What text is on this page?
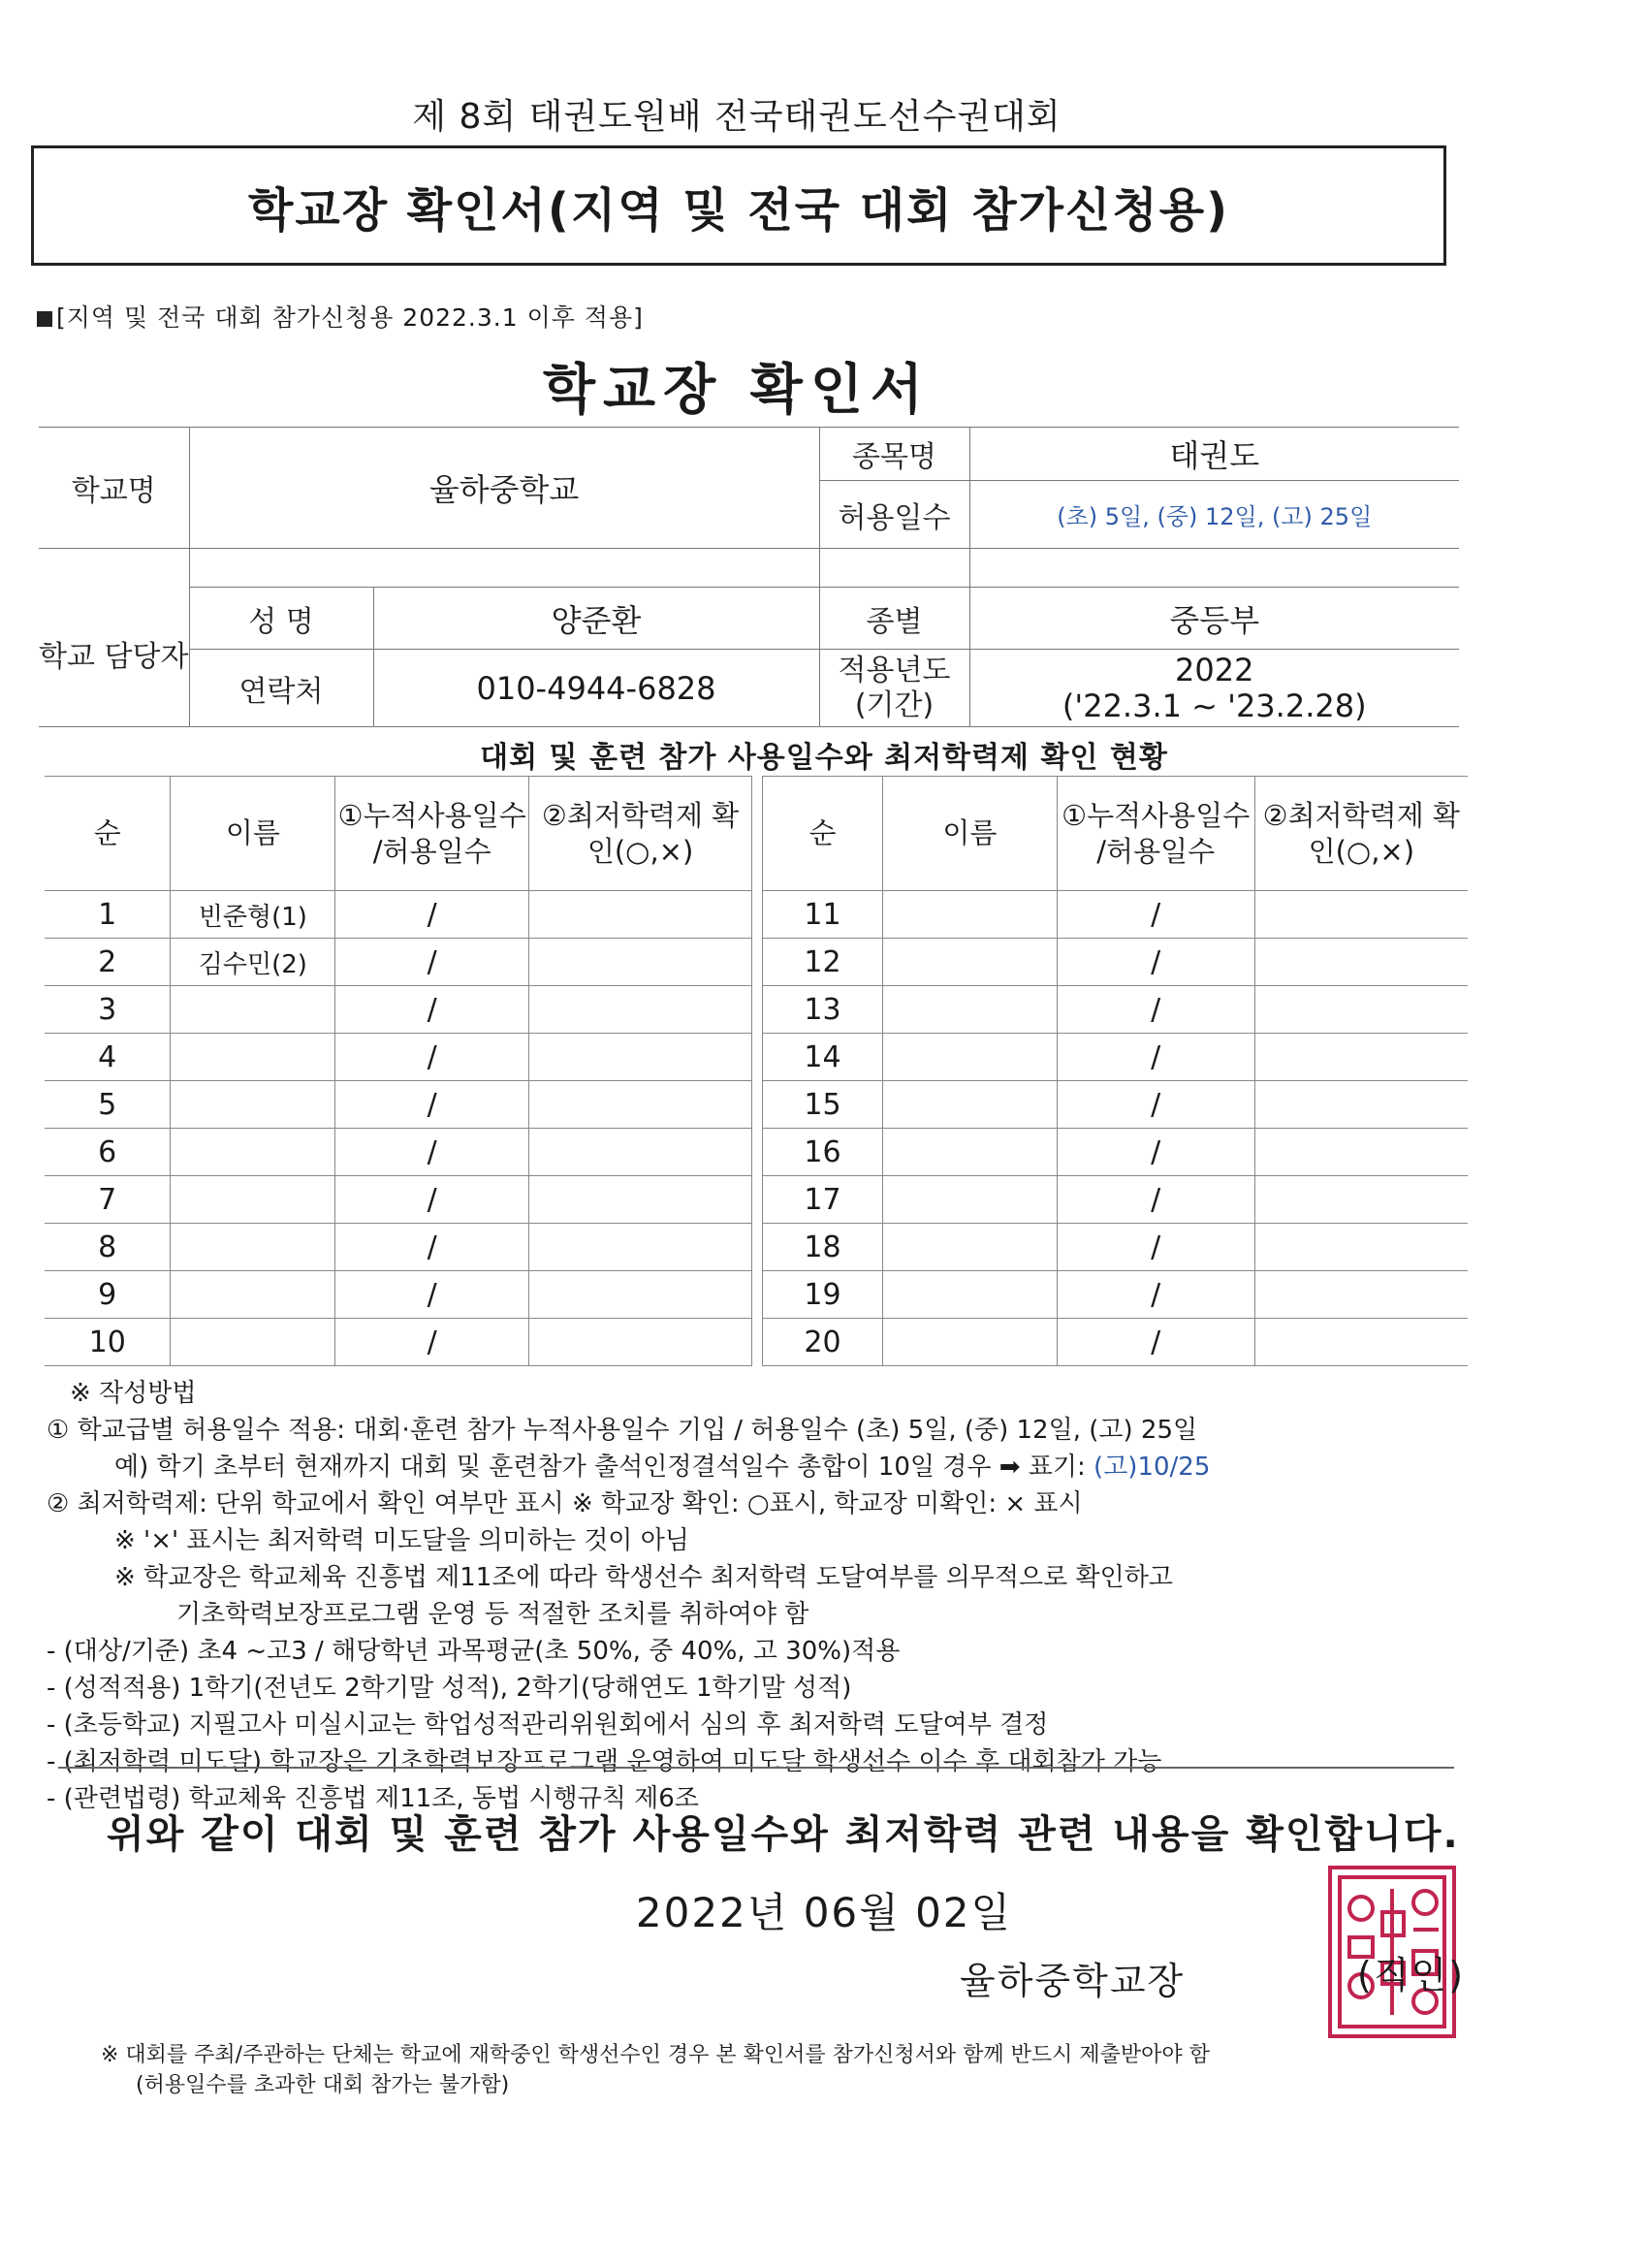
제 8회 태권도원배 전국태권도선수권대회
학교장 확인서(지역 및 전국 대회 참가신청용)
[지역 및 전국 대회 참가신청용 2022.3.1 이후 적용]
학교장 확인서
학교명	율하중학교		종목명	태권도
			허용일수	(초) 5일, (중) 12일, (고) 25일

학교 담당자	성 명	양준환	종별	중등부
	연락처	010-4944-6828	적용년도 (기간)	2022
('22.3.1 ~ '23.2.28)
대회 및 훈련 참가 사용일수와 최저학력제 확인 현황
순	이름	①누적사용일수 /허용일수	②최저학력제 확인(○,×)
1	빈준형(1)	/	
2	김수민(2)	/	
3		/	
4		/	
5		/	
6		/	
7		/	
8		/	
9		/	
10		/	
순	이름	①누적사용일수 /허용일수	②최저학력제 확인(○,×)
11		/	
12		/	
13		/	
14		/	
15		/	
16		/	
17		/	
18		/	
19		/	
20		/	
※ 작성방법
① 학교급별 허용일수 적용: 대회·훈련 참가 누적사용일수 기입 / 허용일수 (초) 5일, (중) 12일, (고) 25일
예) 학기 초부터 현재까지 대회 및 훈련참가 출석인정결석일수 총합이 10일 경우 ➡ 표기: (고)10/25
② 최저학력제: 단위 학교에서 확인 여부만 표시 ※ 학교장 확인: ○표시, 학교장 미확인: × 표시
※ '×' 표시는 최저학력 미도달을 의미하는 것이 아님
※ 학교장은 학교체육 진흥법 제11조에 따라 학생선수 최저학력 도달여부를 의무적으로 확인하고
기초학력보장프로그램 운영 등 적절한 조치를 취하여야 함
- (대상/기준) 초4 ~고3 / 해당학년 과목평균(초 50%, 중 40%, 고 30%)적용
- (성적적용) 1학기(전년도 2학기말 성적), 2학기(당해연도 1학기말 성적)
- (초등학교) 지필고사 미실시교는 학업성적관리위원회에서 심의 후 최저학력 도달여부 결정
- (최저학력 미도달) 학교장은 기초학력보장프로그램 운영하여 미도달 학생선수 이수 후 대회참가 가능
- (관련법령) 학교체육 진흥법 제11조, 동법 시행규칙 제6조
위와 같이 대회 및 훈련 참가 사용일수와 최저학력 관련 내용을 확인합니다.
2022년 06월 02일
율하중학교장	(직인)
※ 대회를 주최/주관하는 단체는 학교에 재학중인 학생선수인 경우 본 확인서를 참가신청서와 함께 반드시 제출받아야 함
(허용일수를 초과한 대회 참가는 불가함)
